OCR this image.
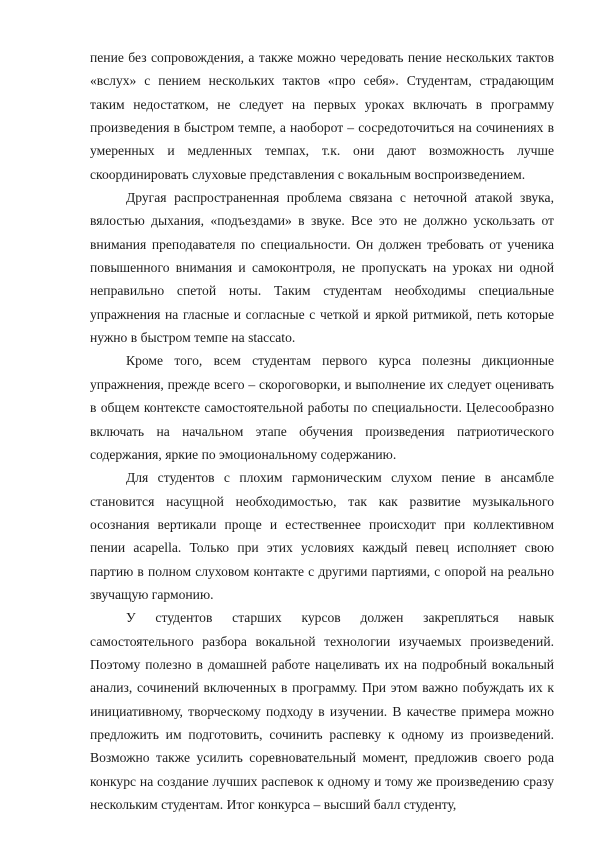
пение без сопровождения, а также можно чередовать пение нескольких тактов «вслух» с пением нескольких тактов «про себя». Студентам, страдающим таким недостатком, не следует на первых уроках включать в программу произведения в быстром темпе, а наоборот – сосредоточиться на сочинениях в умеренных и медленных темпах, т.к. они дают возможность лучше скоординировать слуховые представления с вокальным воспроизведением.

Другая распространенная проблема связана с неточной атакой звука, вялостью дыхания, «подъездами» в звуке. Все это не должно ускользать от внимания преподавателя по специальности. Он должен требовать от ученика повышенного внимания и самоконтроля, не пропускать на уроках ни одной неправильно спетой ноты. Таким студентам необходимы специальные упражнения на гласные и согласные с четкой и яркой ритмикой, петь которые нужно в быстром темпе на staccato.

Кроме того, всем студентам первого курса полезны дикционные упражнения, прежде всего – скороговорки, и выполнение их следует оценивать в общем контексте самостоятельной работы по специальности. Целесообразно включать на начальном этапе обучения произведения патриотического содержания, яркие по эмоциональному содержанию.

Для студентов с плохим гармоническим слухом пение в ансамбле становится насущной необходимостью, так как развитие музыкального осознания вертикали проще и естественнее происходит при коллективном пении acapella. Только при этих условиях каждый певец исполняет свою партию в полном слуховом контакте с другими партиями, с опорой на реально звучащую гармонию.

У студентов старших курсов должен закрепляться навык самостоятельного разбора вокальной технологии изучаемых произведений. Поэтому полезно в домашней работе нацеливать их на подробный вокальный анализ, сочинений включенных в программу. При этом важно побуждать их к инициативному, творческому подходу в изучении. В качестве примера можно предложить им подготовить, сочинить распевку к одному из произведений. Возможно также усилить соревновательный момент, предложив своего рода конкурс на создание лучших распевок к одному и тому же произведению сразу нескольким студентам. Итог конкурса – высший балл студенту,
